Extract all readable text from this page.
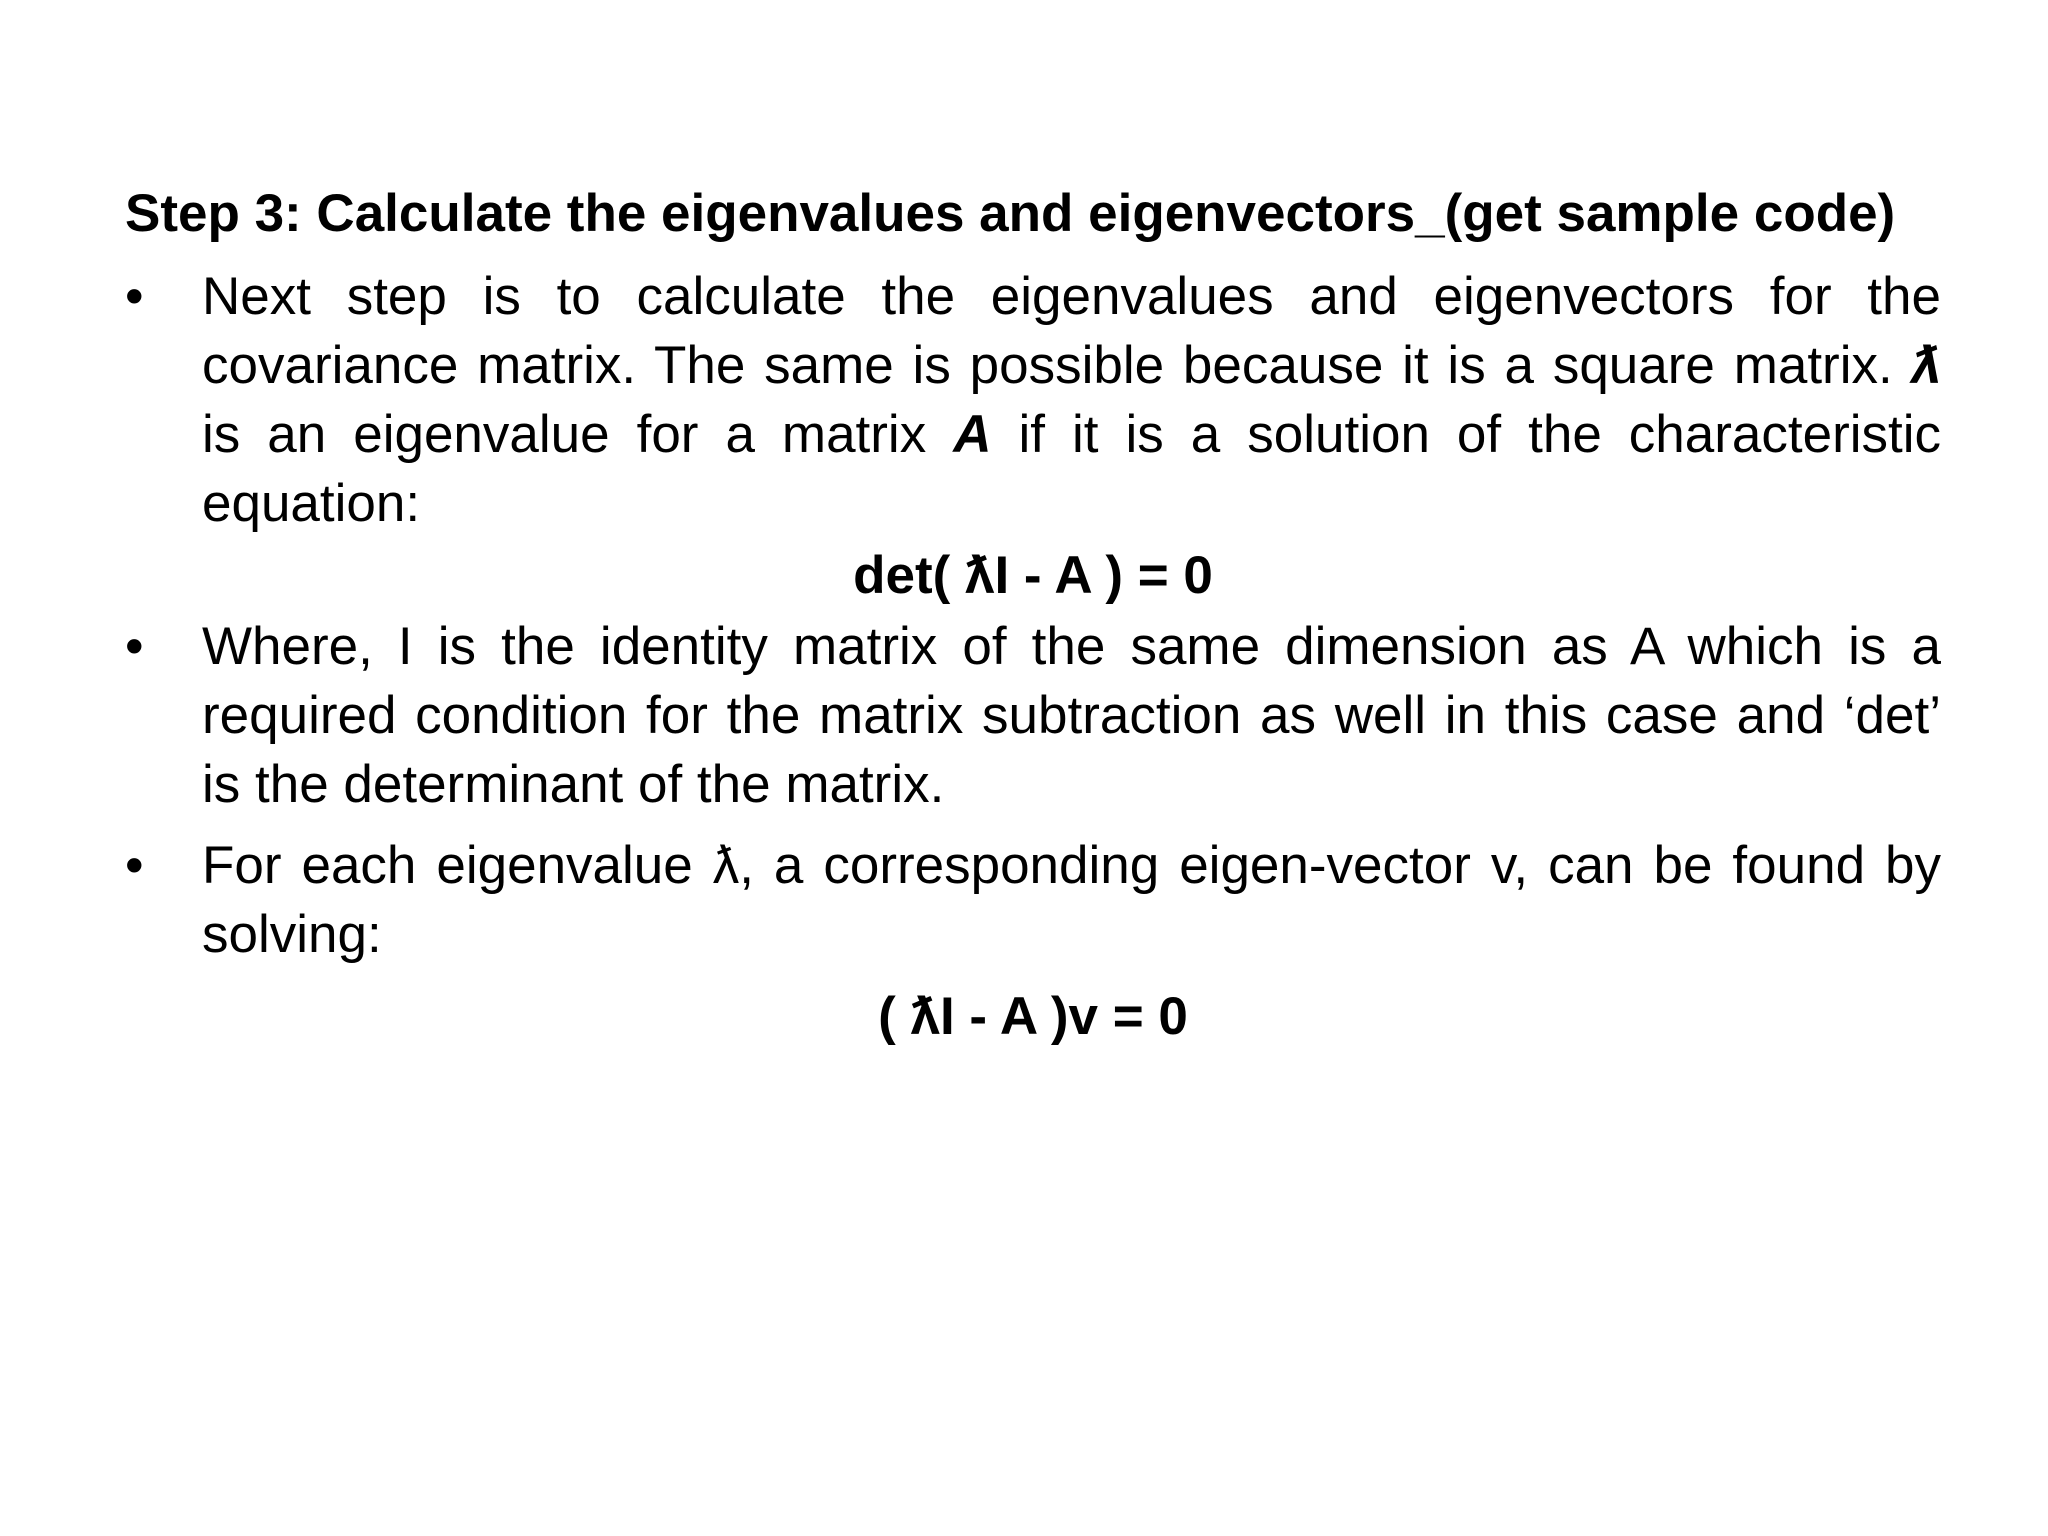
Step 3: Calculate the eigenvalues and eigenvectors_(get sample code)
•	Next step is to calculate the eigenvalues and eigenvectors for the covariance matrix. The same is possible because it is a square matrix. ƛ is an eigenvalue for a matrix A if it is a solution of the characteristic equation:
det( ƛI - A ) = 0
•	Where, I is the identity matrix of the same dimension as A which is a required condition for the matrix subtraction as well in this case and ‘det’ is the determinant of the matrix.
•	For each eigenvalue ƛ, a corresponding eigen-vector v, can be found by solving:
( ƛI - A )v = 0
